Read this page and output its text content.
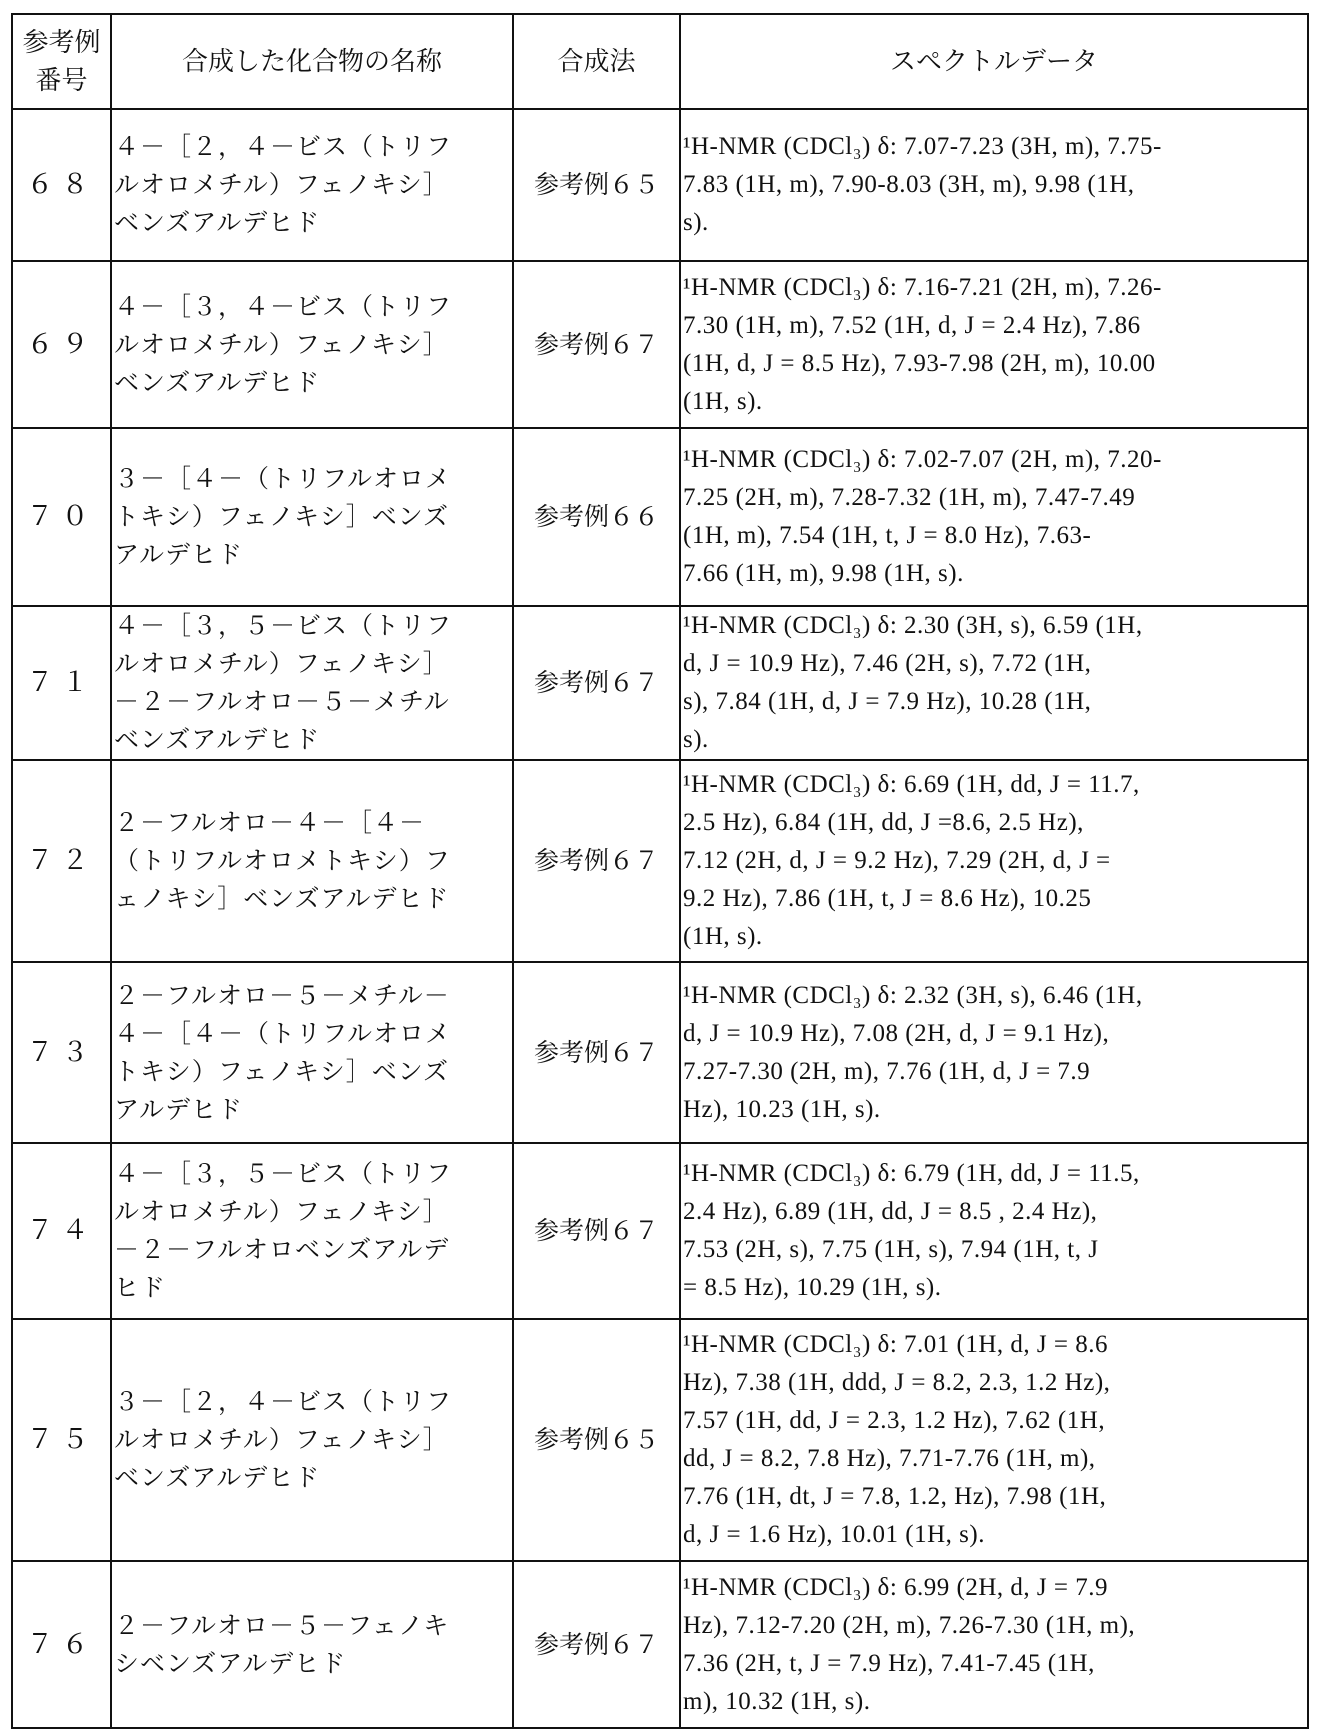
参考例
番号
	合成した化合物の名称	合成法	スペクトルデータ
６８	
４－［２，４－ビス（トリフ
ルオロメチル）フェノキシ］
ベンズアルデヒド
	参考例６５	
¹H-NMR (CDCl₃) δ: 7.07-7.23 (3H, m), 7.75-
7.83 (1H, m), 7.90-8.03 (3H, m), 9.98 (1H,
s).

６９	
４－［３，４－ビス（トリフ
ルオロメチル）フェノキシ］
ベンズアルデヒド
	参考例６７	
¹H-NMR (CDCl₃) δ: 7.16-7.21 (2H, m), 7.26-
7.30 (1H, m), 7.52 (1H, d, J = 2.4 Hz), 7.86
(1H, d, J = 8.5 Hz), 7.93-7.98 (2H, m), 10.00
(1H, s).

７０	
３－［４－（トリフルオロメ
トキシ）フェノキシ］ベンズ
アルデヒド
	参考例６６	
¹H-NMR (CDCl₃) δ: 7.02-7.07 (2H, m), 7.20-
7.25 (2H, m), 7.28-7.32 (1H, m), 7.47-7.49
(1H, m), 7.54 (1H, t, J = 8.0 Hz), 7.63-
7.66 (1H, m), 9.98 (1H, s).

７１	
４－［３，５－ビス（トリフ
ルオロメチル）フェノキシ］
－２－フルオロ－５－メチル
ベンズアルデヒド
	参考例６７	
¹H-NMR (CDCl₃) δ: 2.30 (3H, s), 6.59 (1H,
d, J = 10.9 Hz), 7.46 (2H, s), 7.72 (1H,
s), 7.84 (1H, d, J = 7.9 Hz), 10.28 (1H,
s).

７２	
２－フルオロ－４－［４－
（トリフルオロメトキシ）フ
ェノキシ］ベンズアルデヒド
	参考例６７	
¹H-NMR (CDCl₃) δ: 6.69 (1H, dd, J = 11.7,
2.5 Hz), 6.84 (1H, dd, J =8.6, 2.5 Hz),
7.12 (2H, d, J = 9.2 Hz), 7.29 (2H, d, J =
9.2 Hz), 7.86 (1H, t, J = 8.6 Hz), 10.25
(1H, s).

７３	
２－フルオロ－５－メチル－
４－［４－（トリフルオロメ
トキシ）フェノキシ］ベンズ
アルデヒド
	参考例６７	
¹H-NMR (CDCl₃) δ: 2.32 (3H, s), 6.46 (1H,
d, J = 10.9 Hz), 7.08 (2H, d, J = 9.1 Hz),
7.27-7.30 (2H, m), 7.76 (1H, d, J = 7.9
Hz), 10.23 (1H, s).

７４	
４－［３，５－ビス（トリフ
ルオロメチル）フェノキシ］
－２－フルオロベンズアルデ
ヒド
	参考例６７	
¹H-NMR (CDCl₃) δ: 6.79 (1H, dd, J = 11.5,
2.4 Hz), 6.89 (1H, dd, J = 8.5 , 2.4 Hz),
7.53 (2H, s), 7.75 (1H, s), 7.94 (1H, t, J
= 8.5 Hz), 10.29 (1H, s).

７５	
３－［２，４－ビス（トリフ
ルオロメチル）フェノキシ］
ベンズアルデヒド
	参考例６５	
¹H-NMR (CDCl₃) δ: 7.01 (1H, d, J = 8.6
Hz), 7.38 (1H, ddd, J = 8.2, 2.3, 1.2 Hz),
7.57 (1H, dd, J = 2.3, 1.2 Hz), 7.62 (1H,
dd, J = 8.2, 7.8 Hz), 7.71-7.76 (1H, m),
7.76 (1H, dt, J = 7.8, 1.2, Hz), 7.98 (1H,
d, J = 1.6 Hz), 10.01 (1H, s).

７６	
２－フルオロ－５－フェノキ
シベンズアルデヒド
	参考例６７	
¹H-NMR (CDCl₃) δ: 6.99 (2H, d, J = 7.9
Hz), 7.12-7.20 (2H, m), 7.26-7.30 (1H, m),
7.36 (2H, t, J = 7.9 Hz), 7.41-7.45 (1H,
m), 10.32 (1H, s).
